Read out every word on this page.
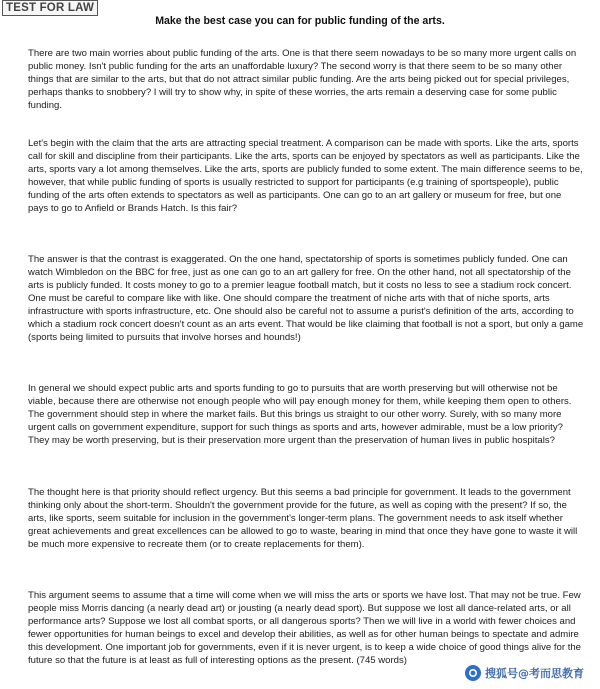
TEST FOR LAW
Make the best case you can for public funding of the arts.

There are two main worries about public funding of the arts. One is that there seem nowadays to be so many more urgent calls on public money. Isn't public funding for the arts an unaffordable luxury? The second worry is that there seem to be so many other things that are similar to the arts, but that do not attract similar public funding. Are the arts being picked out for special privileges, perhaps thanks to snobbery? I will try to show why, in spite of these worries, the arts remain a deserving case for some public funding.

Let's begin with the claim that the arts are attracting special treatment. A comparison can be made with sports. Like the arts, sports call for skill and discipline from their participants. Like the arts, sports can be enjoyed by spectators as well as participants. Like the arts, sports vary a lot among themselves. Like the arts, sports are publicly funded to some extent. The main difference seems to be, however, that while public funding of sports is usually restricted to support for participants (e.g training of sportspeople), public funding of the arts often extends to spectators as well as participants. One can go to an art gallery or museum for free, but one pays to go to Anfield or Brands Hatch. Is this fair?

The answer is that the contrast is exaggerated. On the one hand, spectatorship of sports is sometimes publicly funded. One can watch Wimbledon on the BBC for free, just as one can go to an art gallery for free. On the other hand, not all spectatorship of the arts is publicly funded. It costs money to go to a premier league football match, but it costs no less to see a stadium rock concert. One must be careful to compare like with like. One should compare the treatment of niche arts with that of niche sports, arts infrastructure with sports infrastructure, etc. One should also be careful not to assume a purist's definition of the arts, according to which a stadium rock concert doesn't count as an arts event. That would be like claiming that football is not a sport, but only a game (sports being limited to pursuits that involve horses and hounds!)

In general we should expect public arts and sports funding to go to pursuits that are worth preserving but will otherwise not be viable, because there are otherwise not enough people who will pay enough money for them, while keeping them open to others. The government should step in where the market fails. But this brings us straight to our other worry. Surely, with so many more urgent calls on government expenditure, support for such things as sports and arts, however admirable, must be a low priority? They may be worth preserving, but is their preservation more urgent than the preservation of human lives in public hospitals?

The thought here is that priority should reflect urgency. But this seems a bad principle for government. It leads to the government thinking only about the short-term. Shouldn't the government provide for the future, as well as coping with the present? If so, the arts, like sports, seem suitable for inclusion in the government's longer-term plans. The government needs to ask itself whether great achievements and great excellences can be allowed to go to waste, bearing in mind that once they have gone to waste it will be much more expensive to recreate them (or to create replacements for them).

This argument seems to assume that a time will come when we will miss the arts or sports we have lost. That may not be true. Few people miss Morris dancing (a nearly dead art) or jousting (a nearly dead sport). But suppose we lost all dance-related arts, or all performance arts? Suppose we lost all combat sports, or all dangerous sports? Then we will live in a world with fewer choices and fewer opportunities for human beings to excel and develop their abilities, as well as for other human beings to spectate and admire this development. One important job for governments, even if it is never urgent, is to keep a wide choice of good things alive for the future so that the future is at least as full of interesting options as the present. (745 words)

搜狐号@考而思教育
